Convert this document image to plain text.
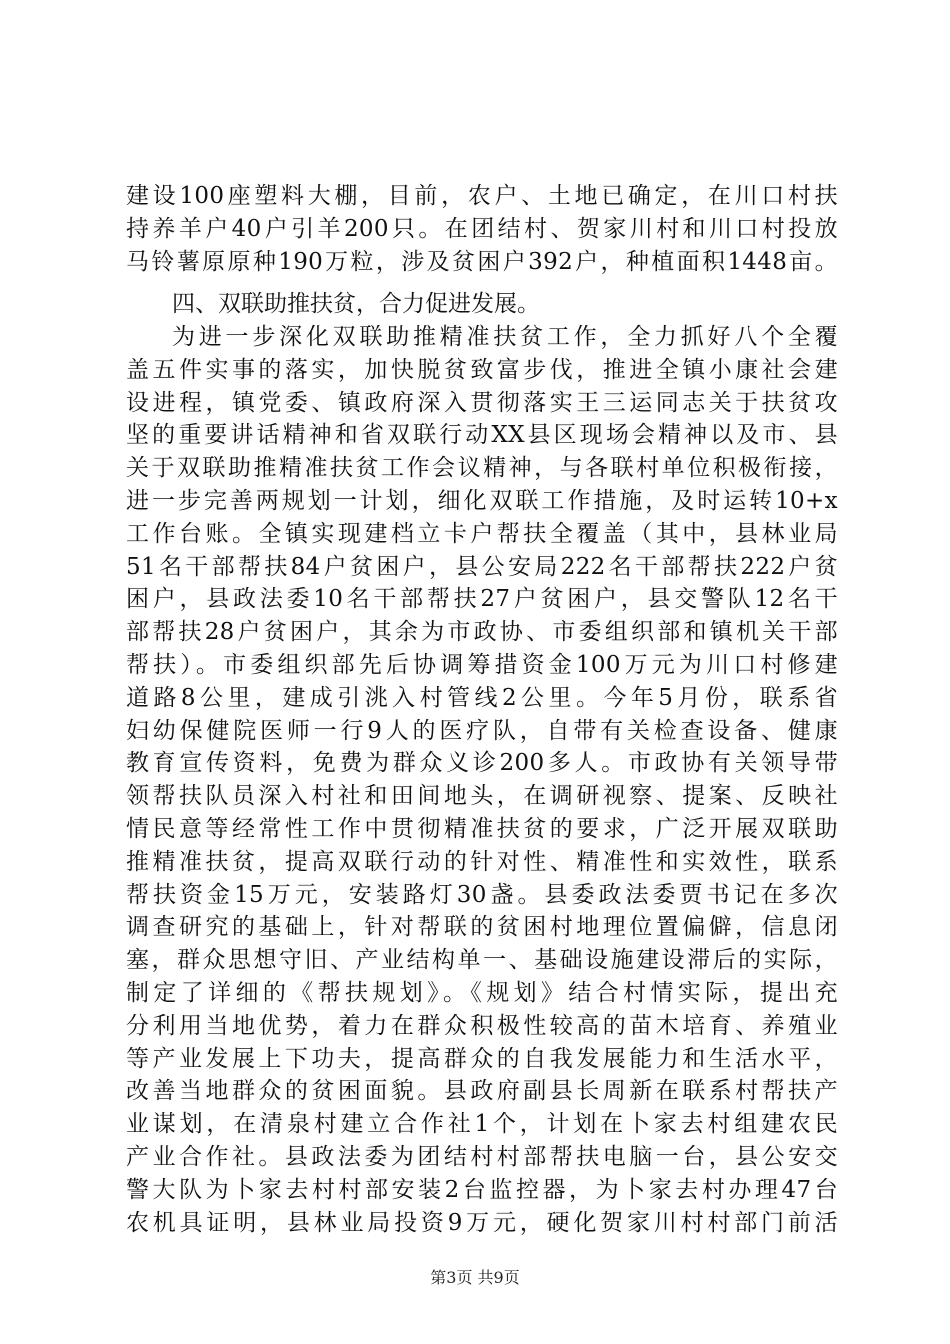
建设100座塑料大棚，目前，农户、土地已确定，在川口村扶
持养羊户40户引羊200只。在团结村、贺家川村和川口村投放
马铃薯原原种190万粒，涉及贫困户392户，种植面积1448亩。
四、双联助推扶贫，合力促进发展。
为进一步深化双联助推精准扶贫工作，全力抓好八个全覆
盖五件实事的落实，加快脱贫致富步伐，推进全镇小康社会建
设进程，镇党委、镇政府深入贯彻落实王三运同志关于扶贫攻
坚的重要讲话精神和省双联行动XX县区现场会精神以及市、县
关于双联助推精准扶贫工作会议精神，与各联村单位积极衔接，
进一步完善两规划一计划，细化双联工作措施，及时运转10+x
工作台账。全镇实现建档立卡户帮扶全覆盖（其中，县林业局
51名干部帮扶84户贫困户，县公安局222名干部帮扶222户贫
困户，县政法委10名干部帮扶27户贫困户，县交警队12名干
部帮扶28户贫困户，其余为市政协、市委组织部和镇机关干部
帮扶）。市委组织部先后协调筹措资金100万元为川口村修建
道路8公里，建成引洮入村管线2公里。今年5月份，联系省
妇幼保健院医师一行9人的医疗队，自带有关检查设备、健康
教育宣传资料，免费为群众义诊200多人。市政协有关领导带
领帮扶队员深入村社和田间地头，在调研视察、提案、反映社
情民意等经常性工作中贯彻精准扶贫的要求，广泛开展双联助
推精准扶贫，提高双联行动的针对性、精准性和实效性，联系
帮扶资金15万元，安装路灯30盏。县委政法委贾书记在多次
调查研究的基础上，针对帮联的贫困村地理位置偏僻，信息闭
塞，群众思想守旧、产业结构单一、基础设施建设滞后的实际，
制定了详细的《帮扶规划》。《规划》结合村情实际，提出充
分利用当地优势，着力在群众积极性较高的苗木培育、养殖业
等产业发展上下功夫，提高群众的自我发展能力和生活水平，
改善当地群众的贫困面貌。县政府副县长周新在联系村帮扶产
业谋划，在清泉村建立合作社1个，计划在卜家去村组建农民
产业合作社。县政法委为团结村村部帮扶电脑一台，县公安交
警大队为卜家去村村部安装2台监控器，为卜家去村办理47台
农机具证明，县林业局投资9万元，硬化贺家川村村部门前活
第3页 共9页
